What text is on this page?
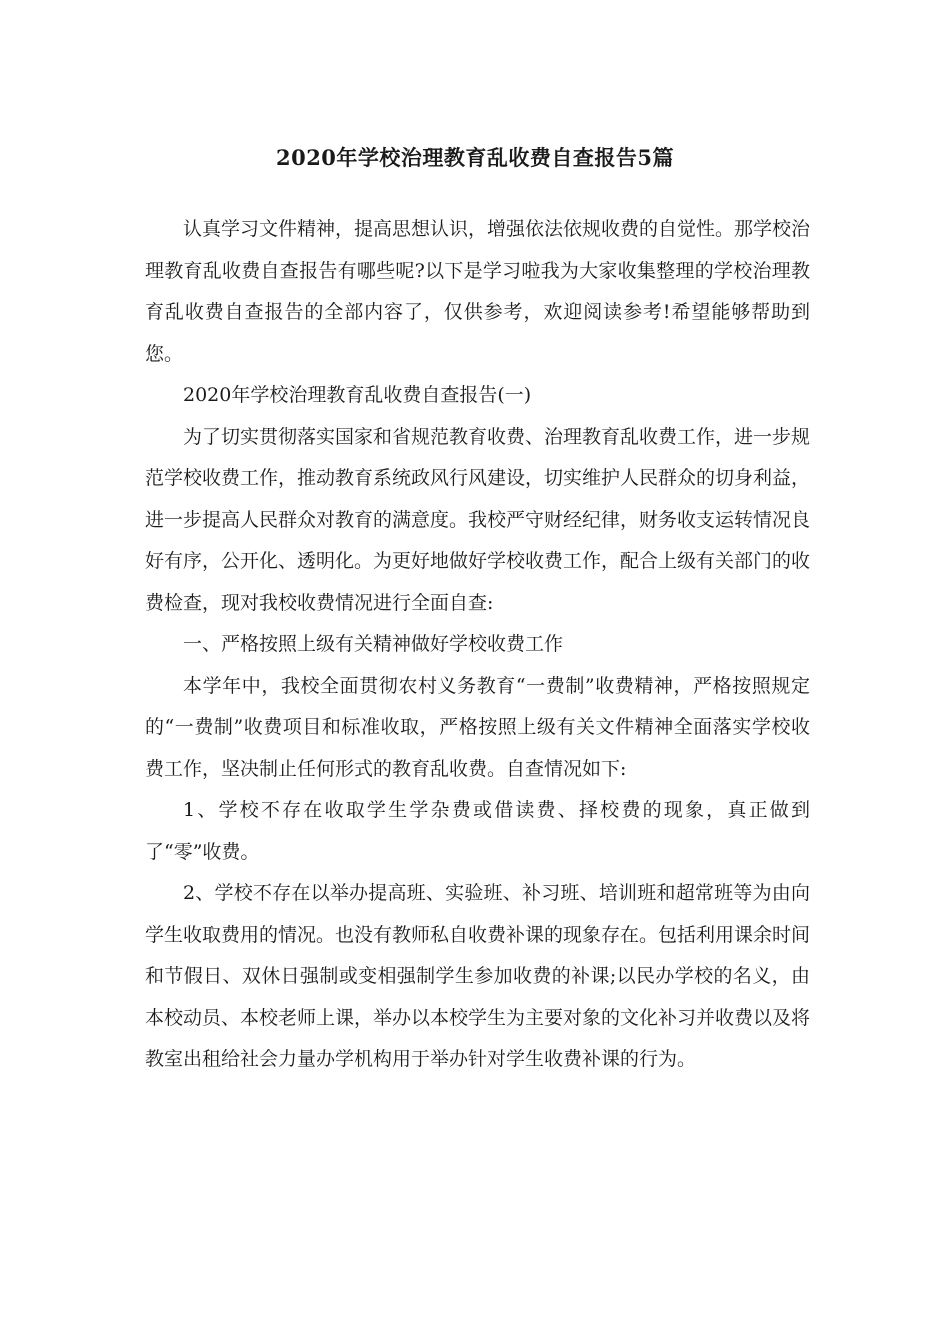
2020年学校治理教育乱收费自查报告5篇

认真学习文件精神，提高思想认识，增强依法依规收费的自觉性。那学校治理教育乱收费自查报告有哪些呢?以下是学习啦我为大家收集整理的学校治理教育乱收费自查报告的全部内容了，仅供参考，欢迎阅读参考!希望能够帮助到您。

2020年学校治理教育乱收费自查报告(一)

为了切实贯彻落实国家和省规范教育收费、治理教育乱收费工作，进一步规范学校收费工作，推动教育系统政风行风建设，切实维护人民群众的切身利益，进一步提高人民群众对教育的满意度。我校严守财经纪律，财务收支运转情况良好有序，公开化、透明化。为更好地做好学校收费工作，配合上级有关部门的收费检查，现对我校收费情况进行全面自查:

一、严格按照上级有关精神做好学校收费工作

本学年中，我校全面贯彻农村义务教育“一费制”收费精神，严格按照规定的“一费制”收费项目和标准收取，严格按照上级有关文件精神全面落实学校收费工作，坚决制止任何形式的教育乱收费。自查情况如下:

1、学校不存在收取学生学杂费或借读费、择校费的现象，真正做到了“零”收费。

2、学校不存在以举办提高班、实验班、补习班、培训班和超常班等为由向学生收取费用的情况。也没有教师私自收费补课的现象存在。包括利用课余时间和节假日、双休日强制或变相强制学生参加收费的补课;以民办学校的名义，由本校动员、本校老师上课，举办以本校学生为主要对象的文化补习并收费以及将教室出租给社会力量办学机构用于举办针对学生收费补课的行为。
